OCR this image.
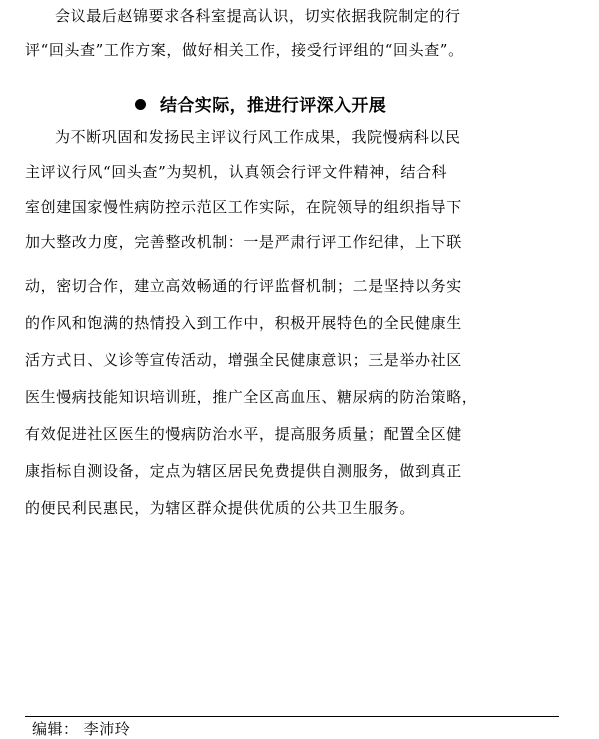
会议最后赵锦要求各科室提高认识，切实依据我院制定的行
评“回头查”工作方案，做好相关工作，接受行评组的“回头查”。
结合实际，推进行评深入开展
为不断巩固和发扬民主评议行风工作成果，我院慢病科以民
主评议行风“回头查”为契机，认真领会行评文件精神，结合科
室创建国家慢性病防控示范区工作实际，在院领导的组织指导下
加大整改力度，完善整改机制：一是严肃行评工作纪律，上下联
动，密切合作，建立高效畅通的行评监督机制；二是坚持以务实
的作风和饱满的热情投入到工作中，积极开展特色的全民健康生
活方式日、义诊等宣传活动，增强全民健康意识；三是举办社区
医生慢病技能知识培训班，推广全区高血压、糖尿病的防治策略，
有效促进社区医生的慢病防治水平，提高服务质量；配置全区健
康指标自测设备，定点为辖区居民免费提供自测服务，做到真正
的便民利民惠民，为辖区群众提供优质的公共卫生服务。
编辑： 李沛玲
